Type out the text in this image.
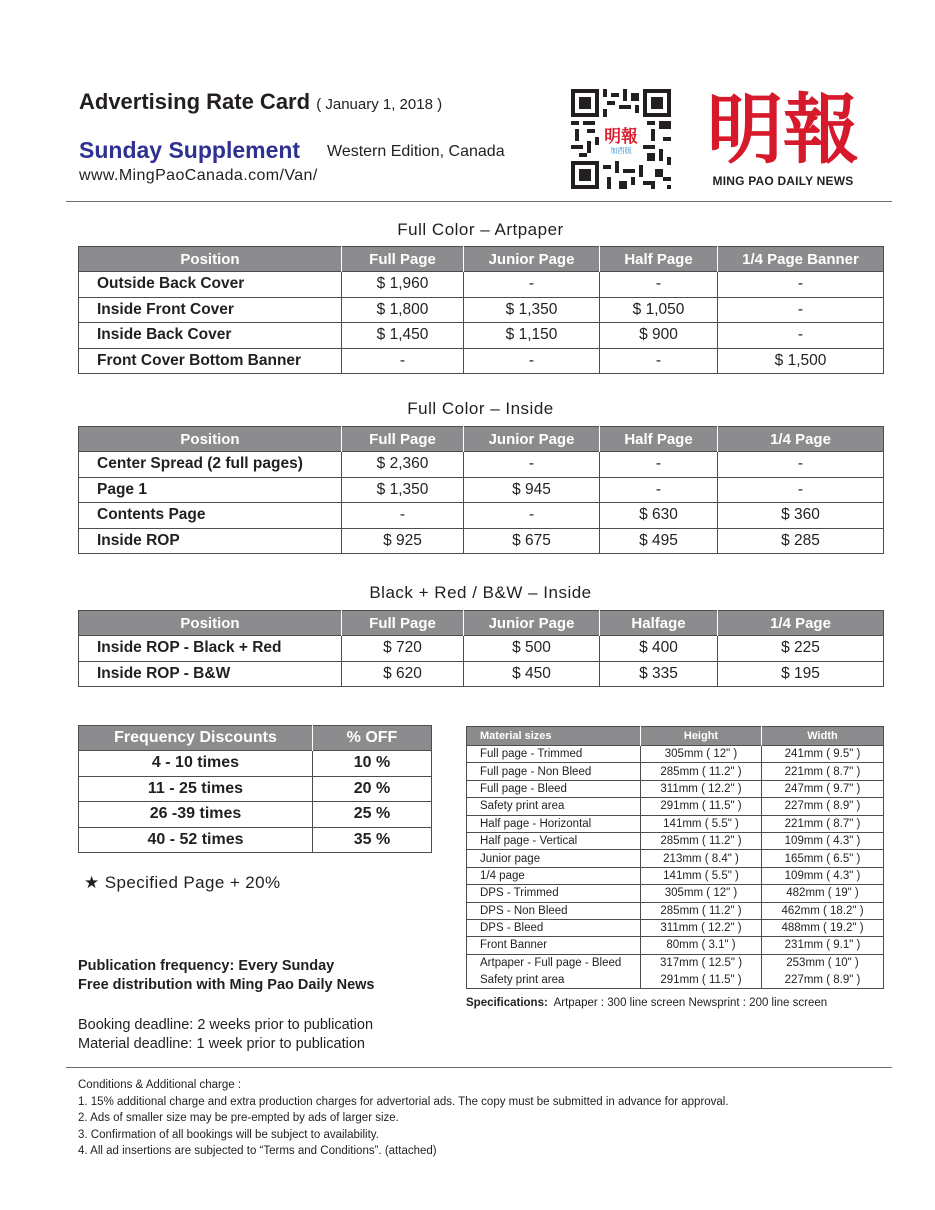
Advertising Rate Card ( January 1, 2018 )
Sunday Supplement Western Edition, Canada
www.MingPaoCanada.com/Van/
明報
加西版 明報
MING PAO DAILY NEWS
Full Color – Artpaper
Position	Full Page	Junior Page	Half Page	1/4 Page Banner
Outside Back Cover	$ 1,960	-	-	-
Inside Front Cover	$ 1,800	$ 1,350	$ 1,050	-
Inside Back Cover	$ 1,450	$ 1,150	$ 900	-
Front Cover Bottom Banner	-	-	-	$ 1,500
Full Color – Inside
Position	Full Page	Junior Page	Half Page	1/4 Page
Center Spread (2 full pages)	$ 2,360	-	-	-
Page 1	$ 1,350	$ 945	-	-
Contents Page	-	-	$ 630	$ 360
Inside ROP	$ 925	$ 675	$ 495	$ 285
Black + Red / B&W – Inside
Position	Full Page	Junior Page	Halfage	1/4 Page
Inside ROP - Black + Red	$ 720	$ 500	$ 400	$ 225
Inside ROP - B&W	$ 620	$ 450	$ 335	$ 195
Frequency Discounts	% OFF
4 - 10 times	10 %
11 - 25 times	20 %
26 -39 times	25 %
40 - 52 times	35 %
★ Specified Page + 20%
Publication frequency: Every Sunday
Free distribution with Ming Pao Daily News
Booking deadline: 2 weeks prior to publication
Material deadline: 1 week prior to publication
Material sizes	Height	Width
Full page - Trimmed	305mm ( 12" )	241mm ( 9.5" )
Full page - Non Bleed	285mm ( 11.2" )	221mm ( 8.7" )
Full page - Bleed	311mm ( 12.2" )	247mm ( 9.7" )
Safety print area	291mm ( 11.5" )	227mm ( 8.9" )
Half page - Horizontal	141mm ( 5.5" )	221mm ( 8.7" )
Half page - Vertical	285mm ( 11.2" )	109mm ( 4.3" )
Junior page	213mm ( 8.4" )	165mm ( 6.5" )
1/4 page	141mm ( 5.5" )	109mm ( 4.3" )
DPS - Trimmed	305mm ( 12" )	482mm ( 19" )
DPS - Non Bleed	285mm ( 11.2" )	462mm ( 18.2" )
DPS - Bleed	311mm ( 12.2" )	488mm ( 19.2" )
Front Banner	80mm ( 3.1" )	231mm ( 9.1" )
Artpaper - Full page - Bleed	317mm ( 12.5" )	253mm ( 10" )
Safety print area	291mm ( 11.5" )	227mm ( 8.9" )
Specifications: Artpaper : 300 line screen Newsprint : 200 line screen
Conditions & Additional charge :
1. 15% additional charge and extra production charges for advertorial ads. The copy must be submitted in advance for approval.
2. Ads of smaller size may be pre-empted by ads of larger size.
3. Confirmation of all bookings will be subject to availability.
4. All ad insertions are subjected to “Terms and Conditions”. (attached)
